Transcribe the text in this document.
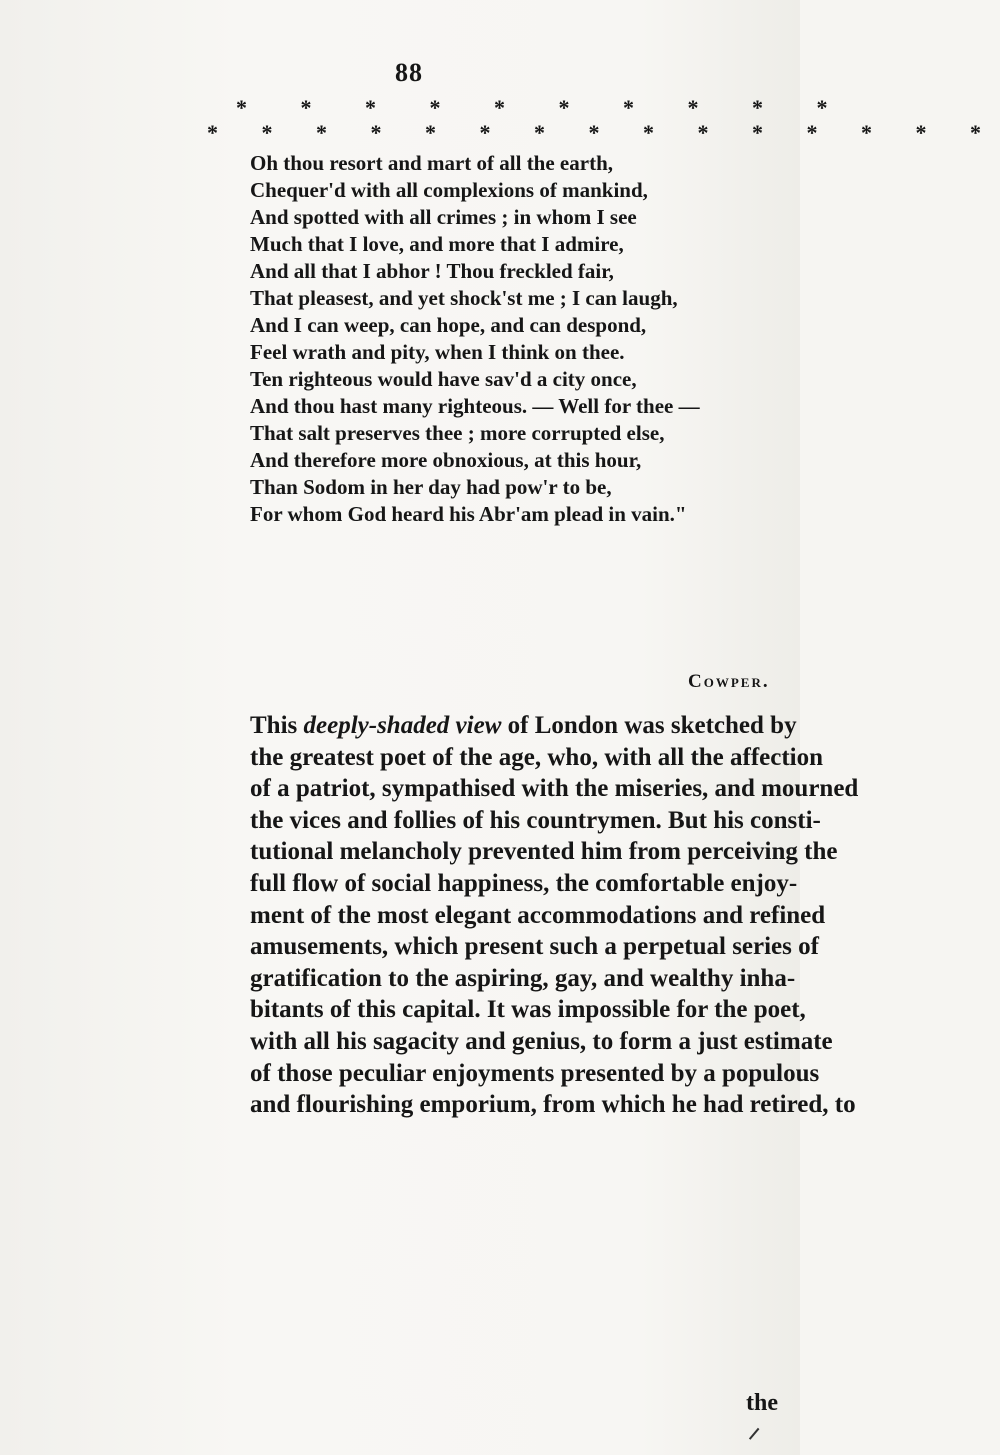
88
* * * * * * * * * *
* * * * * * * * * * * * * * *
Oh thou resort and mart of all the earth,
Chequer'd with all complexions of mankind,
And spotted with all crimes ; in whom I see
Much that I love, and more that I admire,
And all that I abhor ! Thou freckled fair,
That pleasest, and yet shock'st me ; I can laugh,
And I can weep, can hope, and can despond,
Feel wrath and pity, when I think on thee.
Ten righteous would have sav'd a city once,
And thou hast many righteous. — Well for thee —
That salt preserves thee ; more corrupted else,
And therefore more obnoxious, at this hour,
Than Sodom in her day had pow'r to be,
For whom God heard his Abr'am plead in vain."
Cowper.
This deeply-shaded view of London was sketched by
the greatest poet of the age, who, with all the affection
of a patriot, sympathised with the miseries, and mourned
the vices and follies of his countrymen. But his consti-
tutional melancholy prevented him from perceiving the
full flow of social happiness, the comfortable enjoy-
ment of the most elegant accommodations and refined
amusements, which present such a perpetual series of
gratification to the aspiring, gay, and wealthy inha-
bitants of this capital. It was impossible for the poet,
with all his sagacity and genius, to form a just estimate
of those peculiar enjoyments presented by a populous
and flourishing emporium, from which he had retired, to
the
